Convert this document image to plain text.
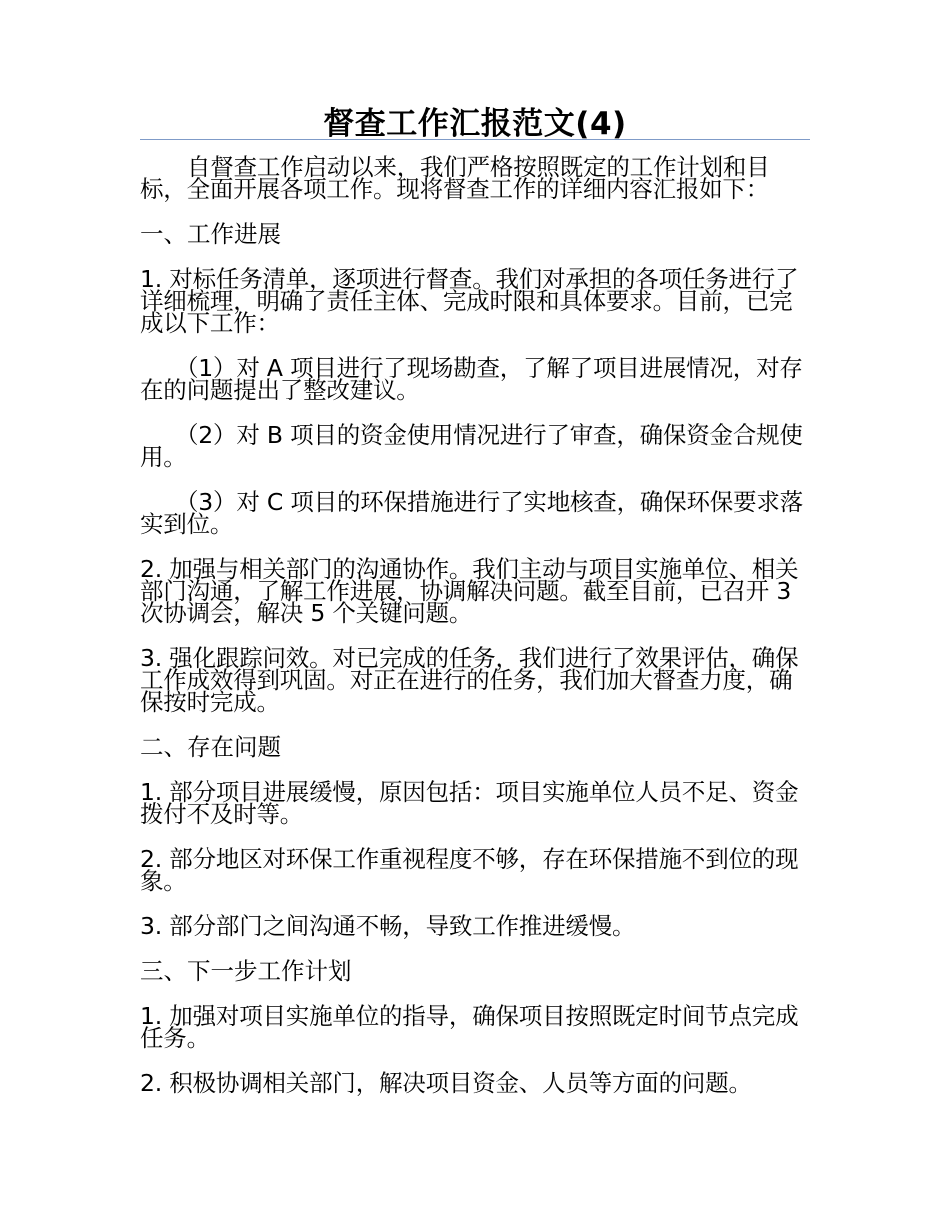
督查工作汇报范文(4)

自督查工作启动以来，我们严格按照既定的工作计划和目标，全面开展各项工作。现将督查工作的详细内容汇报如下：

一、工作进展

1. 对标任务清单，逐项进行督查。我们对承担的各项任务进行了详细梳理，明确了责任主体、完成时限和具体要求。目前，已完成以下工作：

（1）对 A 项目进行了现场勘查，了解了项目进展情况，对存在的问题提出了整改建议。

（2）对 B 项目的资金使用情况进行了审查，确保资金合规使用。

（3）对 C 项目的环保措施进行了实地核查，确保环保要求落实到位。

2. 加强与相关部门的沟通协作。我们主动与项目实施单位、相关部门沟通，了解工作进展，协调解决问题。截至目前，已召开 3 次协调会，解决 5 个关键问题。

3. 强化跟踪问效。对已完成的任务，我们进行了效果评估，确保工作成效得到巩固。对正在进行的任务，我们加大督查力度，确保按时完成。

二、存在问题

1. 部分项目进展缓慢，原因包括：项目实施单位人员不足、资金拨付不及时等。

2. 部分地区对环保工作重视程度不够，存在环保措施不到位的现象。

3. 部分部门之间沟通不畅，导致工作推进缓慢。

三、下一步工作计划

1. 加强对项目实施单位的指导，确保项目按照既定时间节点完成任务。

2. 积极协调相关部门，解决项目资金、人员等方面的问题。
